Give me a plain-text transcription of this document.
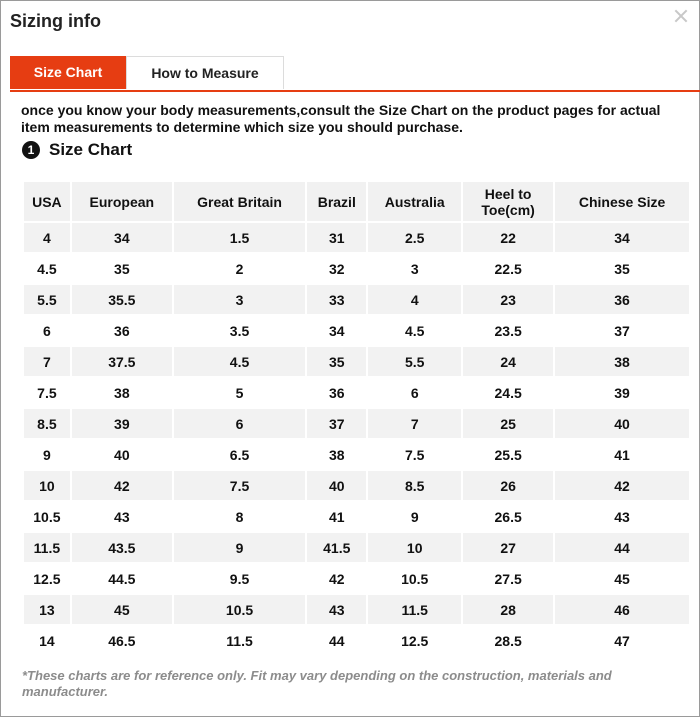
Sizing info
Size Chart	How to Measure
once you know your body measurements,consult the Size Chart on the product pages for actual item measurements to determine which size you should purchase.
1 Size Chart
USA	European	Great Britain	Brazil	Australia	Heel to Toe(cm)	Chinese Size
4	34	1.5	31	2.5	22	34
4.5	35	2	32	3	22.5	35
5.5	35.5	3	33	4	23	36
6	36	3.5	34	4.5	23.5	37
7	37.5	4.5	35	5.5	24	38
7.5	38	5	36	6	24.5	39
8.5	39	6	37	7	25	40
9	40	6.5	38	7.5	25.5	41
10	42	7.5	40	8.5	26	42
10.5	43	8	41	9	26.5	43
11.5	43.5	9	41.5	10	27	44
12.5	44.5	9.5	42	10.5	27.5	45
13	45	10.5	43	11.5	28	46
14	46.5	11.5	44	12.5	28.5	47
*These charts are for reference only. Fit may vary depending on the construction, materials and manufacturer.
